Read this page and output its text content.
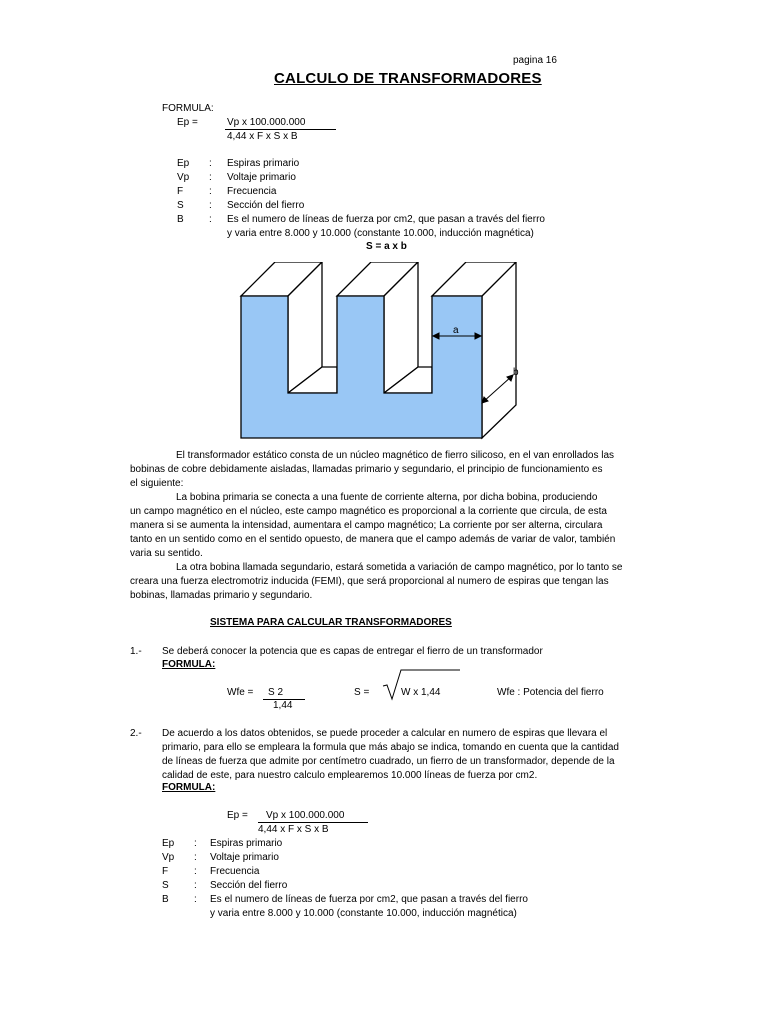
pagina 16
CALCULO DE TRANSFORMADORES
FORMULA:
Ep =	Vp x 100.000.000
4,44 x F x S x B
Ep : Espiras primario
Vp : Voltaje primario
F	: Frecuencia
S	: Sección del fierro
B	: Es el numero de líneas de fuerza por cm2, que pasan a través del fierro
y varia entre 8.000 y 10.000 (constante 10.000, inducción magnética)
S = a x b
a
b
El transformador estático consta de un núcleo magnético de fierro silicoso, en el van enrollados las
bobinas de cobre debidamente aisladas, llamadas primario y segundario, el principio de funcionamiento es
el siguiente:
La bobina primaria se conecta a una fuente de corriente alterna, por dicha bobina, produciendo
un campo magnético en el núcleo, este campo magnético es proporcional a la corriente que circula, de esta
manera si se aumenta la intensidad, aumentara el campo magnético; La corriente por ser alterna, circulara
tanto en un sentido como en el sentido opuesto, de manera que el campo además de variar de valor, también
varia su sentido.
La otra bobina llamada segundario, estará sometida a variación de campo magnético, por lo tanto se
creara una fuerza electromotriz inducida (FEMI), que será proporcional al numero de espiras que tengan las
bobinas, llamadas primario y segundario.
SISTEMA PARA CALCULAR TRANSFORMADORES
1.- Se deberá conocer la potencia que es capas de entregar el fierro de un transformador
FORMULA:
Wfe = S 2
1,44
S =	W x 1,44	Wfe : Potencia del fierro
2.- De acuerdo a los datos obtenidos, se puede proceder a calcular en numero de espiras que llevara el
primario, para ello se empleara la formula que más abajo se indica, tomando en cuenta que la cantidad
de líneas de fuerza que admite por centímetro cuadrado, un fierro de un transformador, depende de la
calidad de este, para nuestro calculo emplearemos 10.000 líneas de fuerza por cm2.
FORMULA:
Ep = Vp x 100.000.000
4,44 x F x S x B
Ep : Espiras primario
Vp : Voltaje primario
F	: Frecuencia
S	: Sección del fierro
B	: Es el numero de líneas de fuerza por cm2, que pasan a través del fierro
y varia entre 8.000 y 10.000 (constante 10.000, inducción magnética)
